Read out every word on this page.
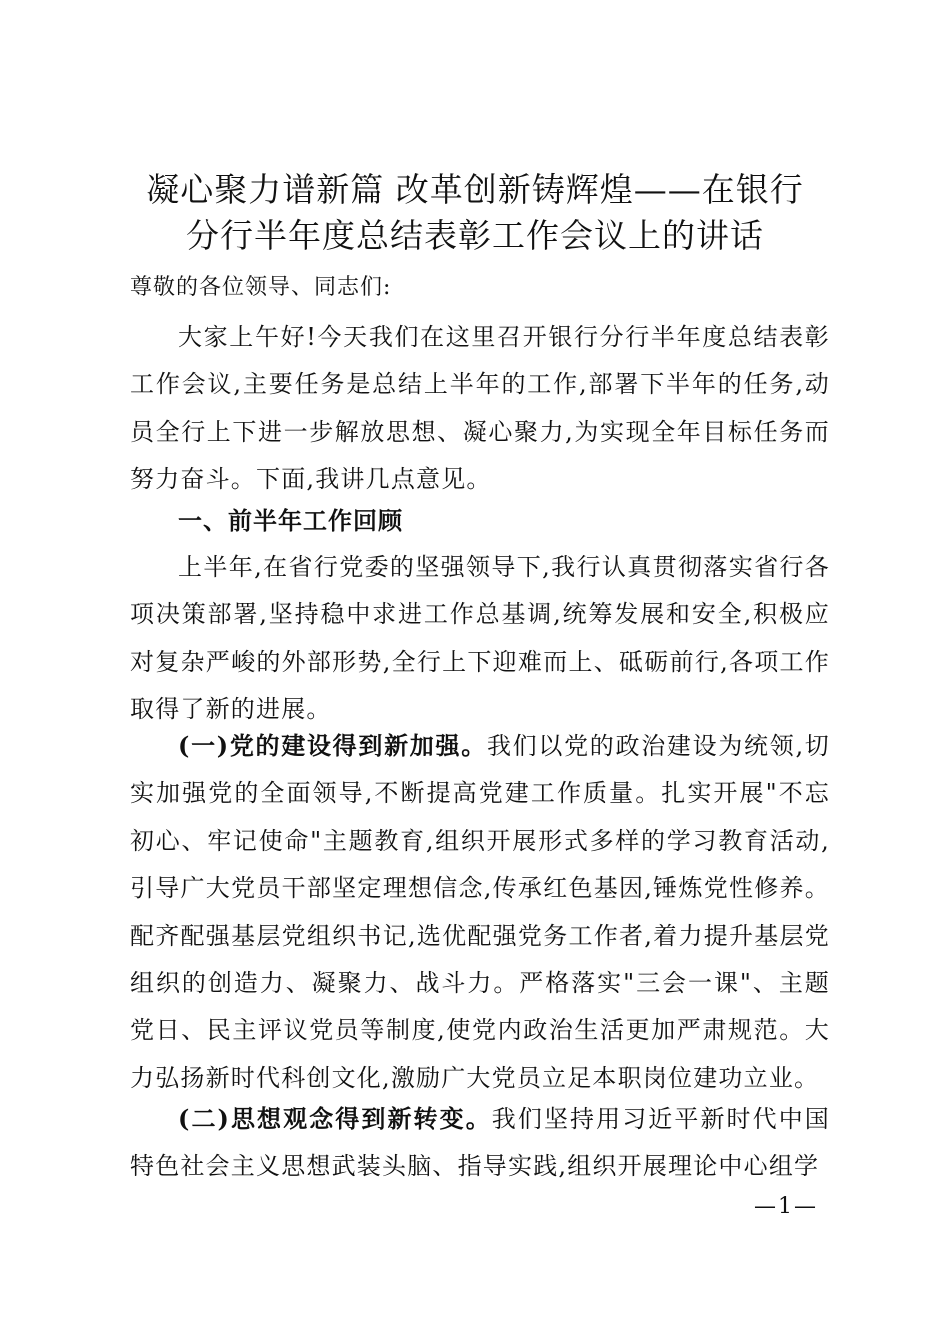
凝心聚力谱新篇 改革创新铸辉煌——在银行
分行半年度总结表彰工作会议上的讲话
尊敬的各位领导、同志们:

大家上午好!今天我们在这里召开银行分行半年度总结表彰工作会议,主要任务是总结上半年的工作,部署下半年的任务,动员全行上下进一步解放思想、凝心聚力,为实现全年目标任务而努力奋斗。下面,我讲几点意见。

一、前半年工作回顾

上半年,在省行党委的坚强领导下,我行认真贯彻落实省行各项决策部署,坚持稳中求进工作总基调,统筹发展和安全,积极应对复杂严峻的外部形势,全行上下迎难而上、砥砺前行,各项工作取得了新的进展。

(一)党的建设得到新加强。我们以党的政治建设为统领,切实加强党的全面领导,不断提高党建工作质量。扎实开展"不忘初心、牢记使命"主题教育,组织开展形式多样的学习教育活动,引导广大党员干部坚定理想信念,传承红色基因,锤炼党性修养。配齐配强基层党组织书记,选优配强党务工作者,着力提升基层党组织的创造力、凝聚力、战斗力。严格落实"三会一课"、主题党日、民主评议党员等制度,使党内政治生活更加严肃规范。大力弘扬新时代科创文化,激励广大党员立足本职岗位建功立业。

(二)思想观念得到新转变。我们坚持用习近平新时代中国特色社会主义思想武装头脑、指导实践,组织开展理论中心组学

—1—
